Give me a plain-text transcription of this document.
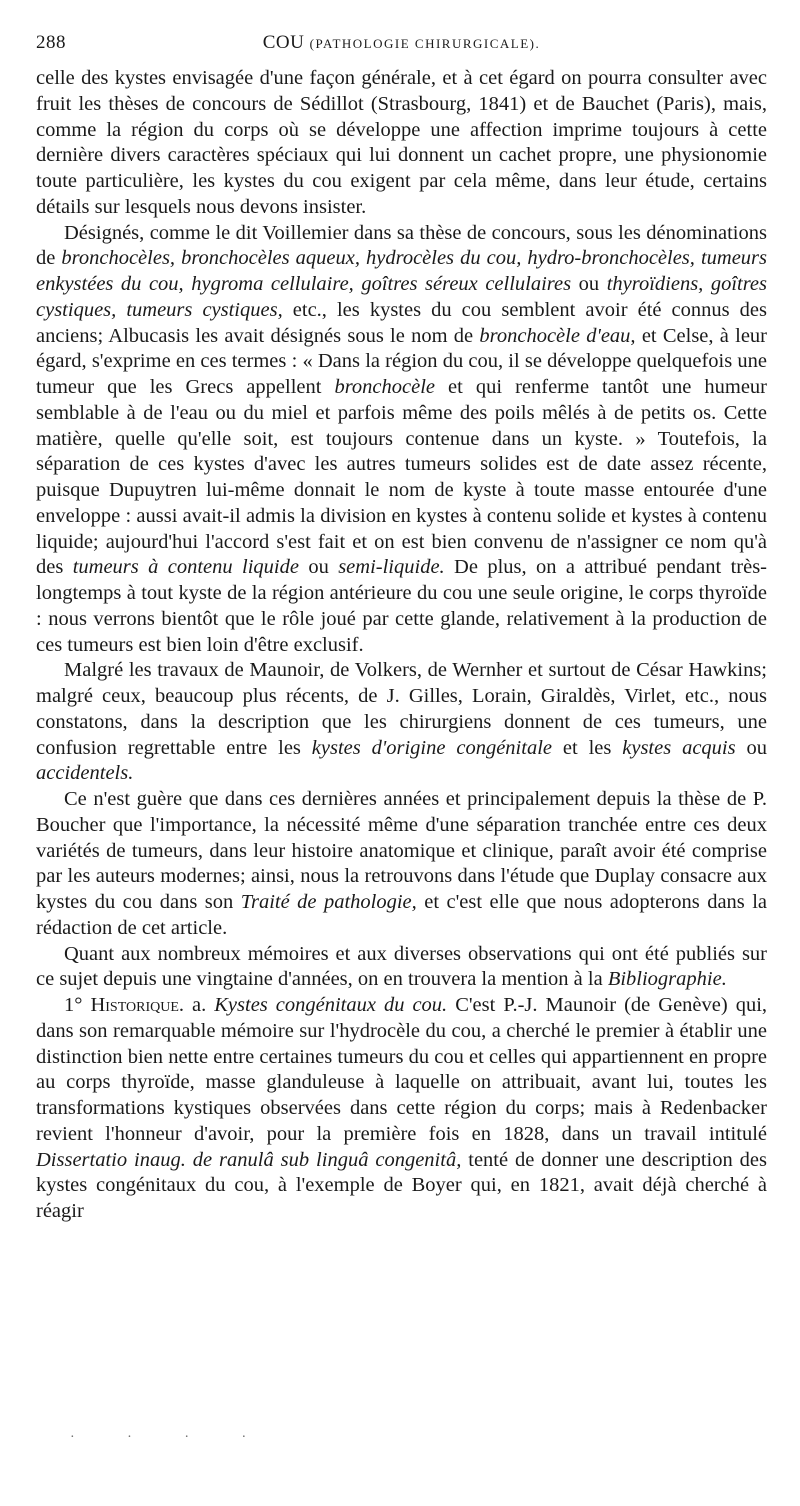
288	COU (PATHOLOGIE CHIRURGICALE).

celle des kystes envisagée d'une façon générale, et à cet égard on pourra consulter avec fruit les thèses de concours de Sédillot (Strasbourg, 1841) et de Bauchet (Paris), mais, comme la région du corps où se développe une affection imprime toujours à cette dernière divers caractères spéciaux qui lui donnent un cachet propre, une physionomie toute particulière, les kystes du cou exigent par cela même, dans leur étude, certains détails sur lesquels nous devons insister.

Désignés, comme le dit Voillemier dans sa thèse de concours, sous les dénominations de bronchocèles, bronchocèles aqueux, hydrocèles du cou, hydro-bronchocèles, tumeurs enkystées du cou, hygroma cellulaire, goîtres séreux cellulaires ou thyroïdiens, goîtres cystiques, tumeurs cystiques, etc., les kystes du cou semblent avoir été connus des anciens; Albucasis les avait désignés sous le nom de bronchocèle d'eau, et Celse, à leur égard, s'exprime en ces termes : « Dans la région du cou, il se développe quelquefois une tumeur que les Grecs appellent bronchocèle et qui renferme tantôt une humeur semblable à de l'eau ou du miel et parfois même des poils mêlés à de petits os. Cette matière, quelle qu'elle soit, est toujours contenue dans un kyste. » Toutefois, la séparation de ces kystes d'avec les autres tumeurs solides est de date assez récente, puisque Dupuytren lui-même donnait le nom de kyste à toute masse entourée d'une enveloppe : aussi avait-il admis la division en kystes à contenu solide et kystes à contenu liquide; aujourd'hui l'accord s'est fait et on est bien convenu de n'assigner ce nom qu'à des tumeurs à contenu liquide ou semi-liquide. De plus, on a attribué pendant très-longtemps à tout kyste de la région antérieure du cou une seule origine, le corps thyroïde : nous verrons bientôt que le rôle joué par cette glande, relativement à la production de ces tumeurs est bien loin d'être exclusif.

Malgré les travaux de Maunoir, de Volkers, de Wernher et surtout de César Hawkins; malgré ceux, beaucoup plus récents, de J. Gilles, Lorain, Giraldès, Virlet, etc., nous constatons, dans la description que les chirurgiens donnent de ces tumeurs, une confusion regrettable entre les kystes d'origine congénitale et les kystes acquis ou accidentels.

Ce n'est guère que dans ces dernières années et principalement depuis la thèse de P. Boucher que l'importance, la nécessité même d'une séparation tranchée entre ces deux variétés de tumeurs, dans leur histoire anatomique et clinique, paraît avoir été comprise par les auteurs modernes; ainsi, nous la retrouvons dans l'étude que Duplay consacre aux kystes du cou dans son Traité de pathologie, et c'est elle que nous adopterons dans la rédaction de cet article.

Quant aux nombreux mémoires et aux diverses observations qui ont été publiés sur ce sujet depuis une vingtaine d'années, on en trouvera la mention à la Bibliographie.

1° Historique. a. Kystes congénitaux du cou. C'est P.-J. Maunoir (de Genève) qui, dans son remarquable mémoire sur l'hydrocèle du cou, a cherché le premier à établir une distinction bien nette entre certaines tumeurs du cou et celles qui appartiennent en propre au corps thyroïde, masse glanduleuse à laquelle on attribuait, avant lui, toutes les transformations kystiques observées dans cette région du corps; mais à Redenbacker revient l'honneur d'avoir, pour la première fois en 1828, dans un travail intitulé Dissertatio inaug. de ranulâ sub linguâ congenitâ, tenté de donner une description des kystes congénitaux du cou, à l'exemple de Boyer qui, en 1821, avait déjà cherché à réagir

·               ·               ·               ·
